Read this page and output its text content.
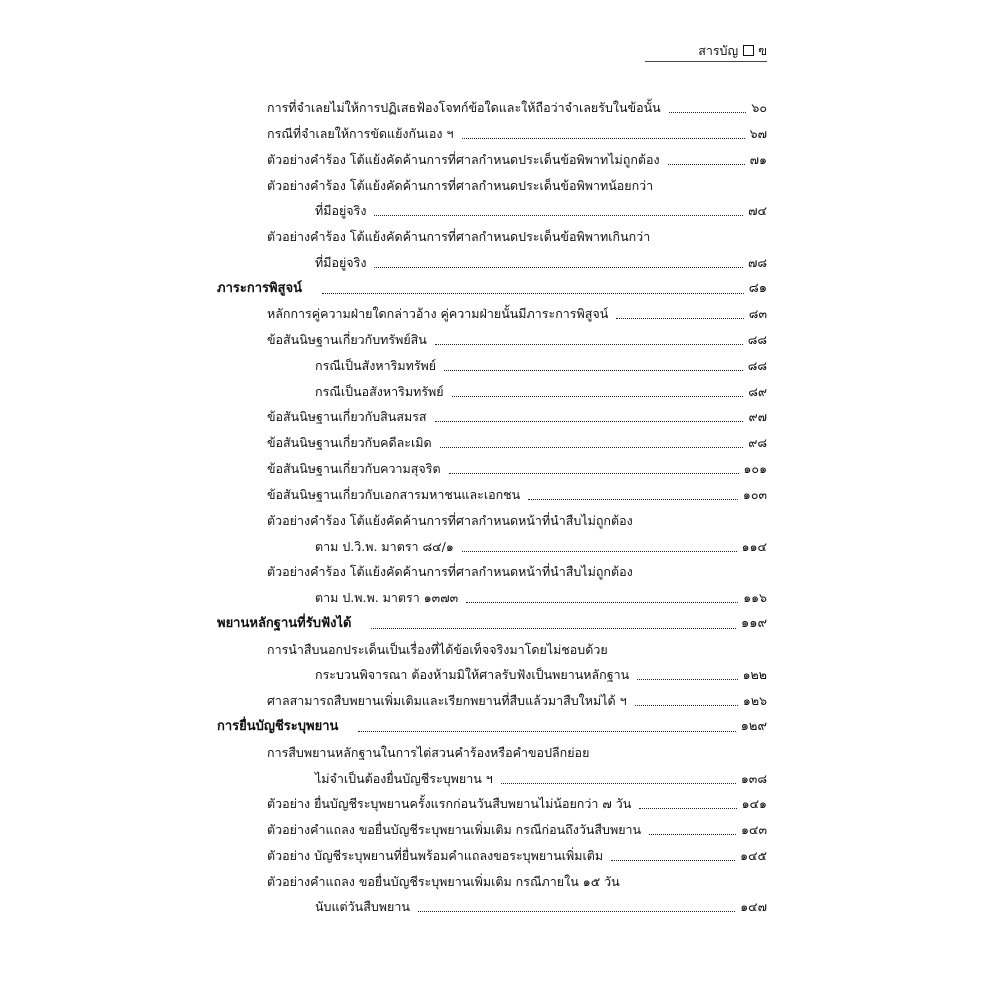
สารบัญ ฃ
การที่จำเลยไม่ให้การปฏิเสธฟ้องโจทก์ข้อใดและให้ถือว่าจำเลยรับในข้อนั้น	๖๐
กรณีที่จำเลยให้การขัดแย้งกันเอง ฯ	๖๗
ตัวอย่างคำร้อง โต้แย้งคัดค้านการที่ศาลกำหนดประเด็นข้อพิพาทไม่ถูกต้อง	๗๑
ตัวอย่างคำร้อง โต้แย้งคัดค้านการที่ศาลกำหนดประเด็นข้อพิพาทน้อยกว่า
ที่มีอยู่จริง	๗๔
ตัวอย่างคำร้อง โต้แย้งคัดค้านการที่ศาลกำหนดประเด็นข้อพิพาทเกินกว่า
ที่มีอยู่จริง	๗๘
ภาระการพิสูจน์	๘๑
หลักการคู่ความฝ่ายใดกล่าวอ้าง คู่ความฝ่ายนั้นมีภาระการพิสูจน์	๘๓
ข้อสันนิษฐานเกี่ยวกับทรัพย์สิน	๘๘
กรณีเป็นสังหาริมทรัพย์	๘๘
กรณีเป็นอสังหาริมทรัพย์	๘๙
ข้อสันนิษฐานเกี่ยวกับสินสมรส	๙๗
ข้อสันนิษฐานเกี่ยวกับคดีละเมิด	๙๘
ข้อสันนิษฐานเกี่ยวกับความสุจริต	๑๐๑
ข้อสันนิษฐานเกี่ยวกับเอกสารมหาชนและเอกชน	๑๐๓
ตัวอย่างคำร้อง โต้แย้งคัดค้านการที่ศาลกำหนดหน้าที่นำสืบไม่ถูกต้อง
ตาม ป.วิ.พ. มาตรา ๘๔/๑	๑๑๔
ตัวอย่างคำร้อง โต้แย้งคัดค้านการที่ศาลกำหนดหน้าที่นำสืบไม่ถูกต้อง
ตาม ป.พ.พ. มาตรา ๑๓๗๓	๑๑๖
พยานหลักฐานที่รับฟังได้	๑๑๙
การนำสืบนอกประเด็นเป็นเรื่องที่ได้ข้อเท็จจริงมาโดยไม่ชอบด้วย
กระบวนพิจารณา ต้องห้ามมิให้ศาลรับฟังเป็นพยานหลักฐาน	๑๒๒
ศาลสามารถสืบพยานเพิ่มเติมและเรียกพยานที่สืบแล้วมาสืบใหม่ได้ ฯ	๑๒๖
การยื่นบัญชีระบุพยาน	๑๒๙
การสืบพยานหลักฐานในการไต่สวนคำร้องหรือคำขอปลีกย่อย
ไม่จำเป็นต้องยื่นบัญชีระบุพยาน ฯ	๑๓๘
ตัวอย่าง ยื่นบัญชีระบุพยานครั้งแรกก่อนวันสืบพยานไม่น้อยกว่า ๗ วัน	๑๔๑
ตัวอย่างคำแถลง ขอยื่นบัญชีระบุพยานเพิ่มเติม กรณีก่อนถึงวันสืบพยาน	๑๔๓
ตัวอย่าง บัญชีระบุพยานที่ยื่นพร้อมคำแถลงขอระบุพยานเพิ่มเติม	๑๔๕
ตัวอย่างคำแถลง ขอยื่นบัญชีระบุพยานเพิ่มเติม กรณีภายใน ๑๕ วัน
นับแต่วันสืบพยาน	๑๔๗
